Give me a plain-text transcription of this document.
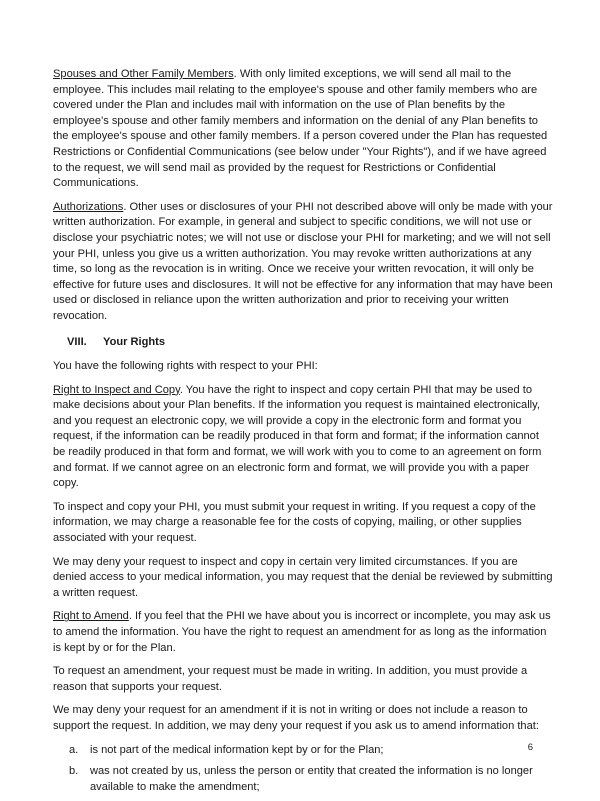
Spouses and Other Family Members. With only limited exceptions, we will send all mail to the employee. This includes mail relating to the employee's spouse and other family members who are covered under the Plan and includes mail with information on the use of Plan benefits by the employee's spouse and other family members and information on the denial of any Plan benefits to the employee's spouse and other family members. If a person covered under the Plan has requested Restrictions or Confidential Communications (see below under "Your Rights"), and if we have agreed to the request, we will send mail as provided by the request for Restrictions or Confidential Communications.

Authorizations. Other uses or disclosures of your PHI not described above will only be made with your written authorization. For example, in general and subject to specific conditions, we will not use or disclose your psychiatric notes; we will not use or disclose your PHI for marketing; and we will not sell your PHI, unless you give us a written authorization. You may revoke written authorizations at any time, so long as the revocation is in writing. Once we receive your written revocation, it will only be effective for future uses and disclosures. It will not be effective for any information that may have been used or disclosed in reliance upon the written authorization and prior to receiving your written revocation.

VIII.	Your Rights

You have the following rights with respect to your PHI:

Right to Inspect and Copy. You have the right to inspect and copy certain PHI that may be used to make decisions about your Plan benefits. If the information you request is maintained electronically, and you request an electronic copy, we will provide a copy in the electronic form and format you request, if the information can be readily produced in that form and format; if the information cannot be readily produced in that form and format, we will work with you to come to an agreement on form and format. If we cannot agree on an electronic form and format, we will provide you with a paper copy.

To inspect and copy your PHI, you must submit your request in writing. If you request a copy of the information, we may charge a reasonable fee for the costs of copying, mailing, or other supplies associated with your request.

We may deny your request to inspect and copy in certain very limited circumstances. If you are denied access to your medical information, you may request that the denial be reviewed by submitting a written request.

Right to Amend. If you feel that the PHI we have about you is incorrect or incomplete, you may ask us to amend the information. You have the right to request an amendment for as long as the information is kept by or for the Plan.

To request an amendment, your request must be made in writing. In addition, you must provide a reason that supports your request.

We may deny your request for an amendment if it is not in writing or does not include a reason to support the request. In addition, we may deny your request if you ask us to amend information that:

a.	is not part of the medical information kept by or for the Plan;
b.	was not created by us, unless the person or entity that created the information is no longer available to make the amendment;
6
